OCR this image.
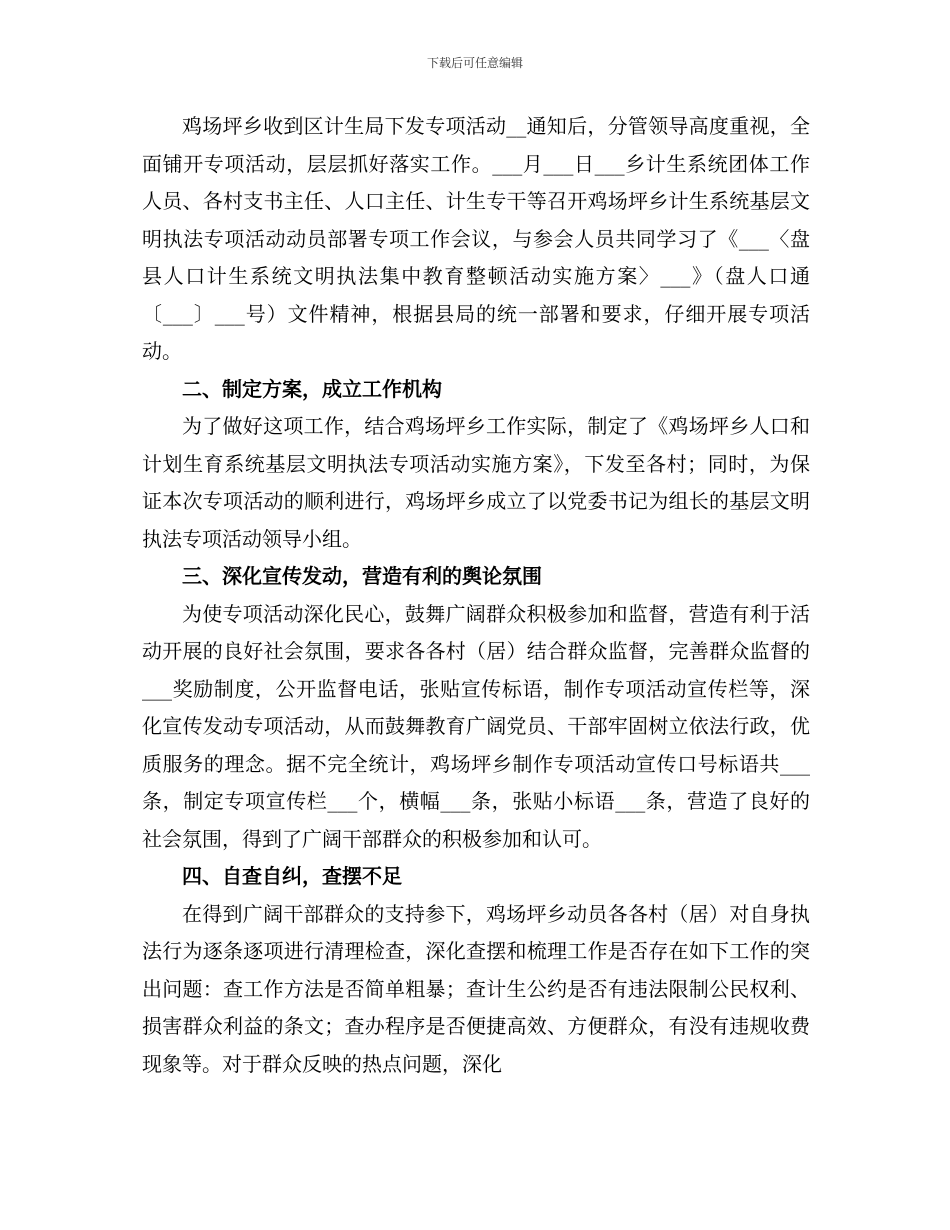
下载后可任意编辑

鸡场坪乡收到区计生局下发专项活动__通知后，分管领导高度重视，全面铺开专项活动，层层抓好落实工作。___月___日___乡计生系统团体工作人员、各村支书主任、人口主任、计生专干等召开鸡场坪乡计生系统基层文明执法专项活动动员部署专项工作会议，与参会人员共同学习了《___〈盘县人口计生系统文明执法集中教育整顿活动实施方案〉___》（盘人口通〔___〕___号）文件精神，根据县局的统一部署和要求，仔细开展专项活动。

二、制定方案，成立工作机构

为了做好这项工作，结合鸡场坪乡工作实际，制定了《鸡场坪乡人口和计划生育系统基层文明执法专项活动实施方案》，下发至各村；同时，为保证本次专项活动的顺利进行，鸡场坪乡成立了以党委书记为组长的基层文明执法专项活动领导小组。

三、深化宣传发动，营造有利的舆论氛围

为使专项活动深化民心，鼓舞广阔群众积极参加和监督，营造有利于活动开展的良好社会氛围，要求各各村（居）结合群众监督，完善群众监督的___奖励制度，公开监督电话，张贴宣传标语，制作专项活动宣传栏等，深化宣传发动专项活动，从而鼓舞教育广阔党员、干部牢固树立依法行政，优质服务的理念。据不完全统计，鸡场坪乡制作专项活动宣传口号标语共___条，制定专项宣传栏___个，横幅___条，张贴小标语___条，营造了良好的社会氛围，得到了广阔干部群众的积极参加和认可。

四、自查自纠，查摆不足

在得到广阔干部群众的支持参下，鸡场坪乡动员各各村（居）对自身执法行为逐条逐项进行清理检查，深化查摆和梳理工作是否存在如下工作的突出问题：查工作方法是否简单粗暴；查计生公约是否有违法限制公民权利、损害群众利益的条文；查办程序是否便捷高效、方便群众，有没有违规收费现象等。对于群众反映的热点问题，深化
